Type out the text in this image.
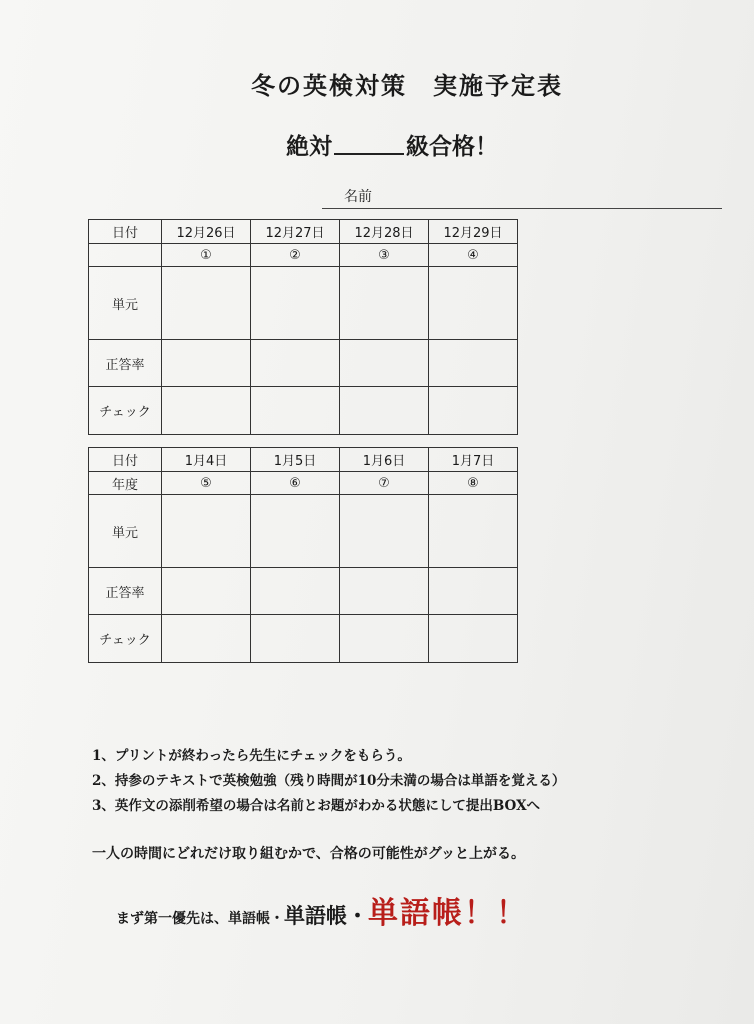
冬の英検対策　実施予定表
絶対	級合格！
名前
日付	12月26日	12月27日	12月28日	12月29日
	①	②	③	④
単元				
正答率				
チェック				
日付	1月4日	1月5日	1月6日	1月7日
年度	⑤	⑥	⑦	⑧
単元				
正答率				
チェック				
1、プリントが終わったら先生にチェックをもらう。
2、持参のテキストで英検勉強（残り時間が10分未満の場合は単語を覚える）
3、英作文の添削希望の場合は名前とお題がわかる状態にして提出BOXへ
一人の時間にどれだけ取り組むかで、合格の可能性がグッと上がる。
まず第一優先は、単語帳・ 単語帳・ 単語帳！！
